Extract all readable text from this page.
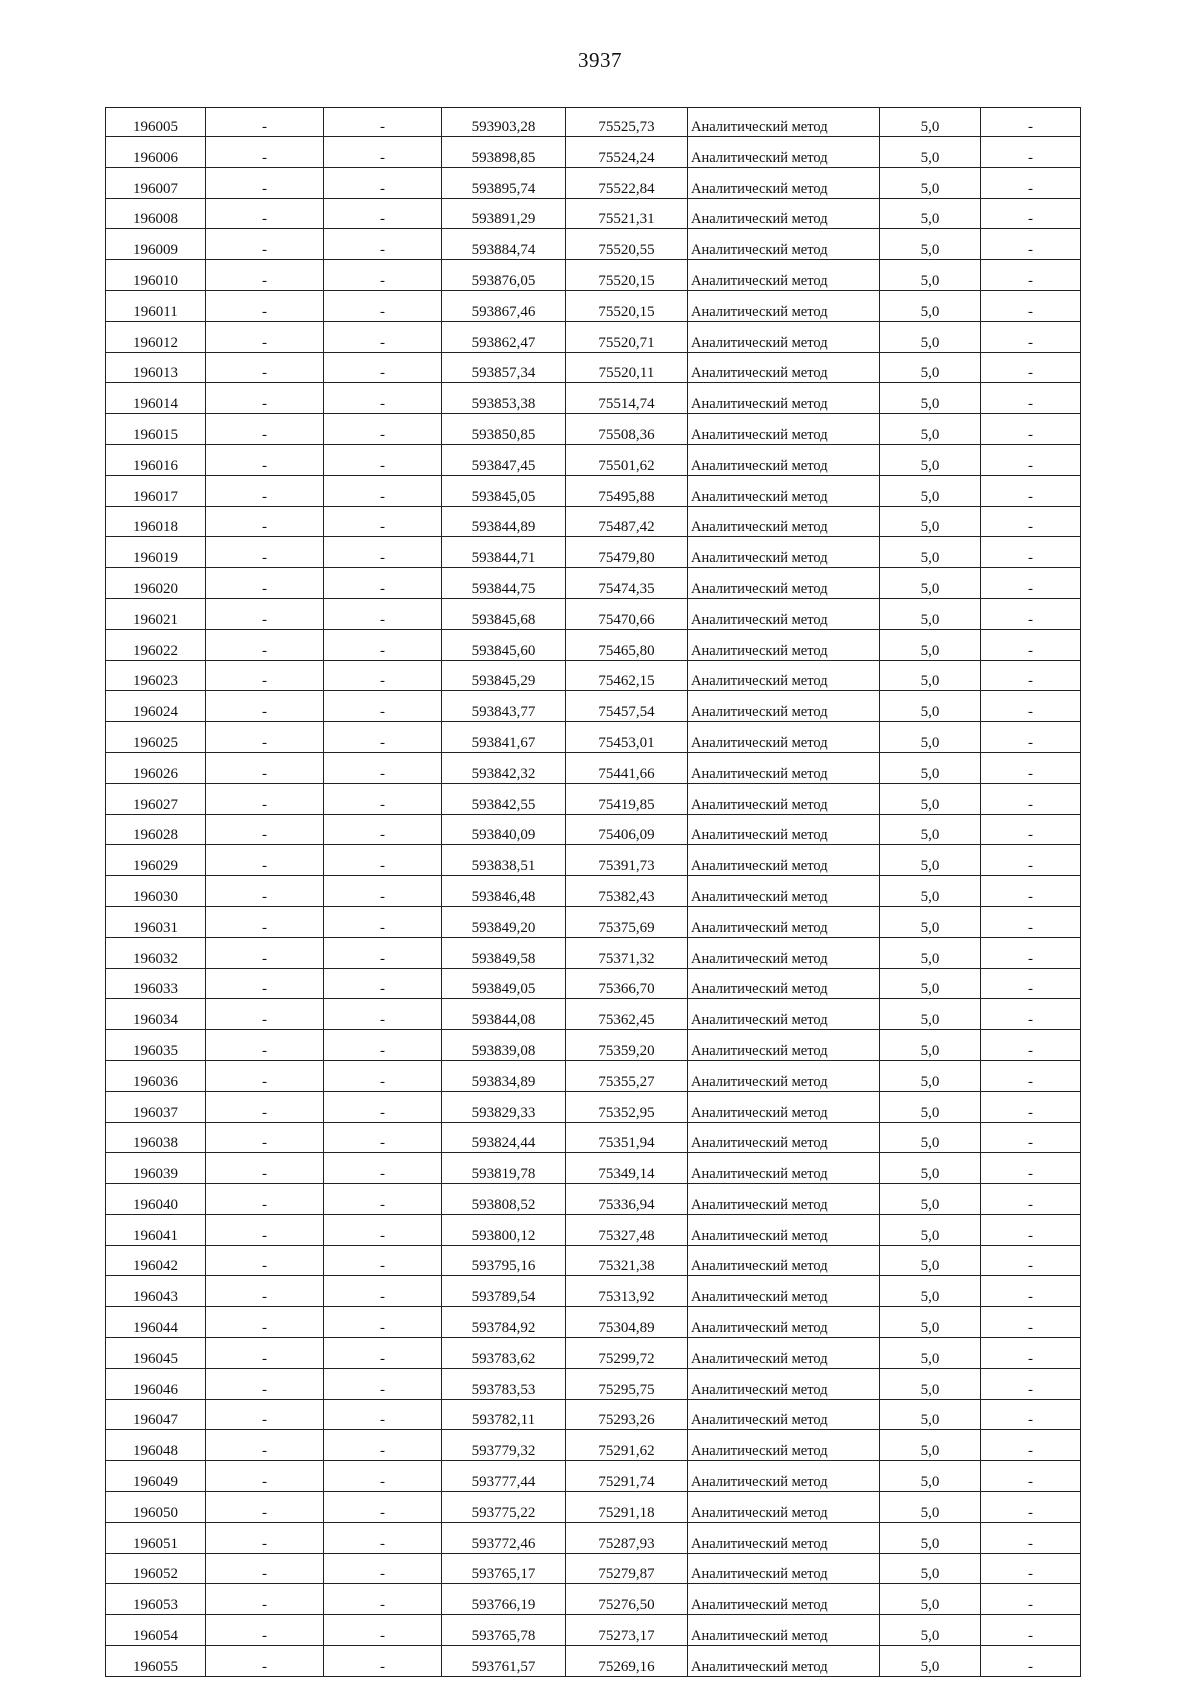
3937
196005	-	-	593903,28	75525,73	Аналитический метод	5,0	-
196006	-	-	593898,85	75524,24	Аналитический метод	5,0	-
196007	-	-	593895,74	75522,84	Аналитический метод	5,0	-
196008	-	-	593891,29	75521,31	Аналитический метод	5,0	-
196009	-	-	593884,74	75520,55	Аналитический метод	5,0	-
196010	-	-	593876,05	75520,15	Аналитический метод	5,0	-
196011	-	-	593867,46	75520,15	Аналитический метод	5,0	-
196012	-	-	593862,47	75520,71	Аналитический метод	5,0	-
196013	-	-	593857,34	75520,11	Аналитический метод	5,0	-
196014	-	-	593853,38	75514,74	Аналитический метод	5,0	-
196015	-	-	593850,85	75508,36	Аналитический метод	5,0	-
196016	-	-	593847,45	75501,62	Аналитический метод	5,0	-
196017	-	-	593845,05	75495,88	Аналитический метод	5,0	-
196018	-	-	593844,89	75487,42	Аналитический метод	5,0	-
196019	-	-	593844,71	75479,80	Аналитический метод	5,0	-
196020	-	-	593844,75	75474,35	Аналитический метод	5,0	-
196021	-	-	593845,68	75470,66	Аналитический метод	5,0	-
196022	-	-	593845,60	75465,80	Аналитический метод	5,0	-
196023	-	-	593845,29	75462,15	Аналитический метод	5,0	-
196024	-	-	593843,77	75457,54	Аналитический метод	5,0	-
196025	-	-	593841,67	75453,01	Аналитический метод	5,0	-
196026	-	-	593842,32	75441,66	Аналитический метод	5,0	-
196027	-	-	593842,55	75419,85	Аналитический метод	5,0	-
196028	-	-	593840,09	75406,09	Аналитический метод	5,0	-
196029	-	-	593838,51	75391,73	Аналитический метод	5,0	-
196030	-	-	593846,48	75382,43	Аналитический метод	5,0	-
196031	-	-	593849,20	75375,69	Аналитический метод	5,0	-
196032	-	-	593849,58	75371,32	Аналитический метод	5,0	-
196033	-	-	593849,05	75366,70	Аналитический метод	5,0	-
196034	-	-	593844,08	75362,45	Аналитический метод	5,0	-
196035	-	-	593839,08	75359,20	Аналитический метод	5,0	-
196036	-	-	593834,89	75355,27	Аналитический метод	5,0	-
196037	-	-	593829,33	75352,95	Аналитический метод	5,0	-
196038	-	-	593824,44	75351,94	Аналитический метод	5,0	-
196039	-	-	593819,78	75349,14	Аналитический метод	5,0	-
196040	-	-	593808,52	75336,94	Аналитический метод	5,0	-
196041	-	-	593800,12	75327,48	Аналитический метод	5,0	-
196042	-	-	593795,16	75321,38	Аналитический метод	5,0	-
196043	-	-	593789,54	75313,92	Аналитический метод	5,0	-
196044	-	-	593784,92	75304,89	Аналитический метод	5,0	-
196045	-	-	593783,62	75299,72	Аналитический метод	5,0	-
196046	-	-	593783,53	75295,75	Аналитический метод	5,0	-
196047	-	-	593782,11	75293,26	Аналитический метод	5,0	-
196048	-	-	593779,32	75291,62	Аналитический метод	5,0	-
196049	-	-	593777,44	75291,74	Аналитический метод	5,0	-
196050	-	-	593775,22	75291,18	Аналитический метод	5,0	-
196051	-	-	593772,46	75287,93	Аналитический метод	5,0	-
196052	-	-	593765,17	75279,87	Аналитический метод	5,0	-
196053	-	-	593766,19	75276,50	Аналитический метод	5,0	-
196054	-	-	593765,78	75273,17	Аналитический метод	5,0	-
196055	-	-	593761,57	75269,16	Аналитический метод	5,0	-
